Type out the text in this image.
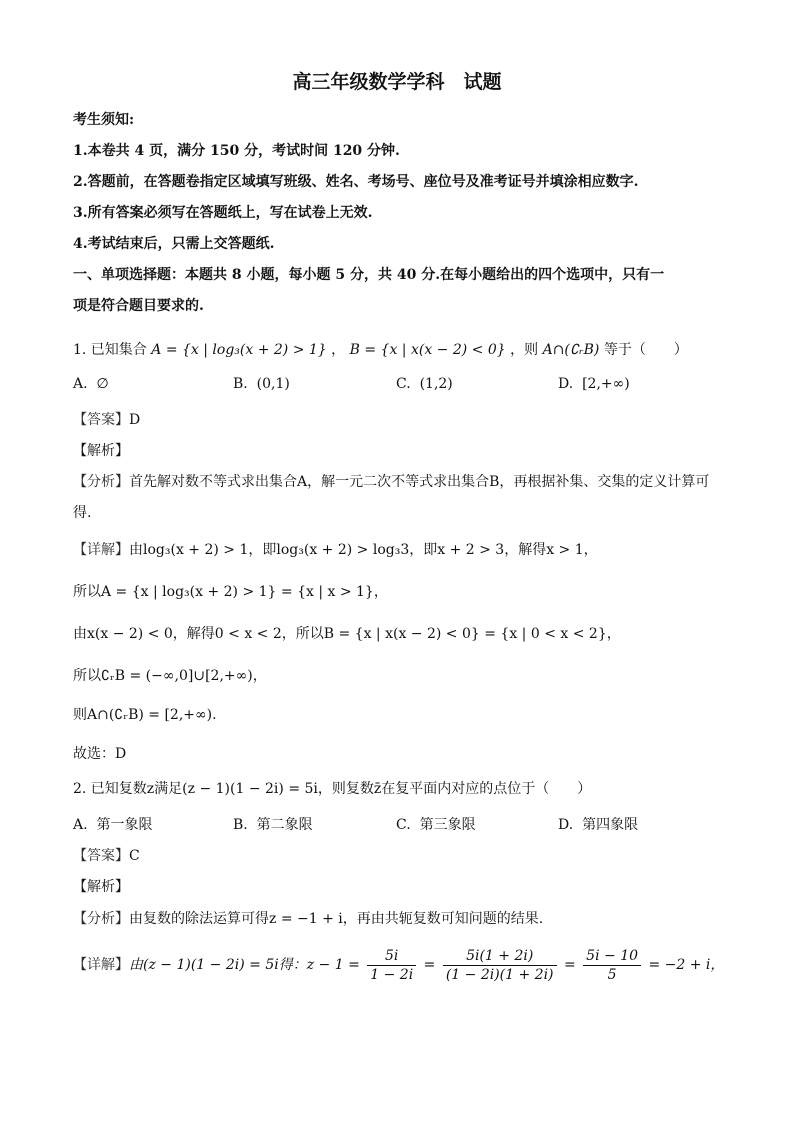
高三年级数学学科　试题
考生须知:
1.本卷共 4 页，满分 150 分，考试时间 120 分钟.
2.答题前，在答题卷指定区域填写班级、姓名、考场号、座位号及准考证号并填涂相应数字.
3.所有答案必须写在答题纸上，写在试卷上无效.
4.考试结束后，只需上交答题纸.
一、单项选择题：本题共 8 小题，每小题 5 分，共 40 分.在每小题给出的四个选项中，只有一
项是符合题目要求的.
1. 已知集合 A = {x | log₃(x + 2) > 1} ， B = {x | x(x − 2) < 0} ，则 A∩(∁ᵣB) 等于（　　）
A. ∅	B. (0,1)	C. (1,2)	D. [2,+∞)
【答案】D
【解析】
【分析】首先解对数不等式求出集合A，解一元二次不等式求出集合B，再根据补集、交集的定义计算可
得.
【详解】由log₃(x + 2) > 1，即log₃(x + 2) > log₃3，即x + 2 > 3，解得x > 1，
所以A = {x | log₃(x + 2) > 1} = {x | x > 1}，
由x(x − 2) < 0，解得0 < x < 2，所以B = {x | x(x − 2) < 0} = {x | 0 < x < 2}，
所以∁ᵣB = (−∞,0]∪[2,+∞)，
则A∩(∁ᵣB) = [2,+∞).
故选：D
2. 已知复数z满足(z − 1)(1 − 2i) = 5i，则复数z̄在复平面内对应的点位于（　　）
A. 第一象限	B. 第二象限	C. 第三象限	D. 第四象限
【答案】C
【解析】
【分析】由复数的除法运算可得z = −1 + i，再由共轭复数可知问题的结果.
【详解】由(z − 1)(1 − 2i) = 5i得：$z - 1 = \frac{5i}{1 - 2i} = \frac{5i(1 + 2i)}{(1 - 2i)(1 + 2i)} = \frac{5i - 10}{5} = -2 + i$，
